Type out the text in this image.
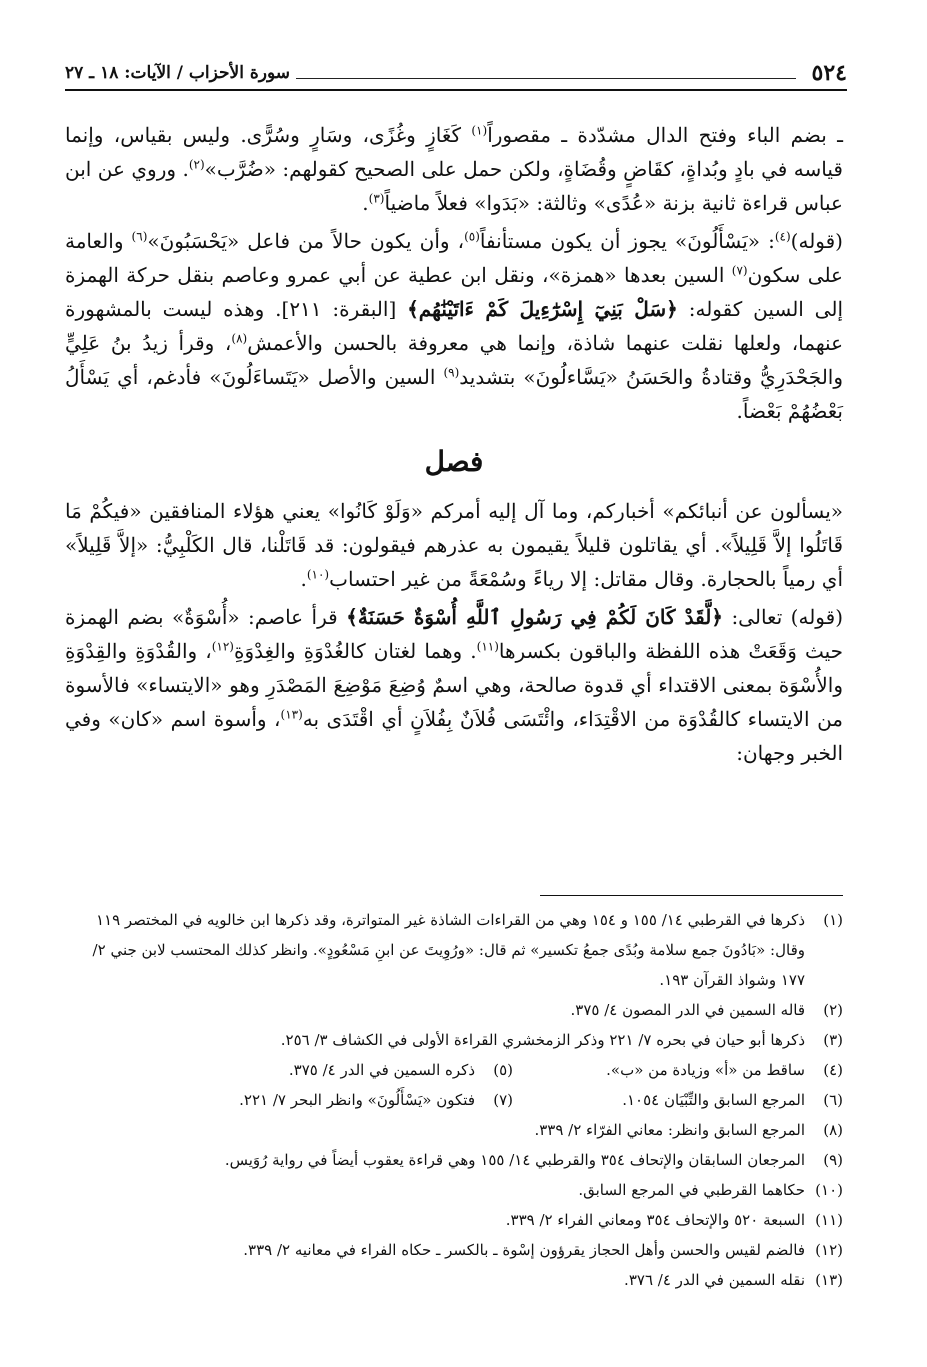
٥٢٤
سورة الأحزاب / الآيات: ١٨ ـ ٢٧

ـ بضم الباء وفتح الدال مشدّدة ـ مقصوراً$^{(١)}$ كَغَازٍ وغُزًى، وسَارٍ وسُرًّى. وليس بقياس، وإنما قياسه في بادٍ وبُداةٍ، كقَاضٍ وقُضَاةٍ، ولكن حمل على الصحيح كقولهم: «ضُرَّب»$^{(٢)}$. وروي عن ابن عباس قراءة ثانية بزنة «عُدًى» وثالثة: «بَدَوا» فعلاً ماضياً$^{(٣)}$.

(قوله)$^{(٤)}$: «يَسْأَلُونَ» يجوز أن يكون مستأنفاً$^{(٥)}$، وأن يكون حالاً من فاعل «يَحْسَبُونَ»$^{(٦)}$ والعامة على سكون$^{(٧)}$ السين بعدها «همزة»، ونقل ابن عطية عن أبي عمرو وعاصم بنقل حركة الهمزة إلى السين كقوله: ﴿سَلْ بَنِيٓ إِسْرَٰٓءِيلَ كَمْ ءَاتَيْنَٰهُم﴾ [البقرة: ٢١١]. وهذه ليست بالمشهورة عنهما، ولعلها نقلت عنهما شاذة، وإنما هي معروفة بالحسن والأعمش$^{(٨)}$، وقرأ زيدُ بنُ عَلِيٍّ والجَحْدَرِيُّ وقتادةُ والحَسَنُ «يَسَّاءلُونَ» بتشديد$^{(٩)}$ السين والأصل «يَتَساءَلُونَ» فأدغم، أي يَسْأَلُ بَعْضُهُمْ بَعْضاً.

فصل

«يسألون عن أنبائكم» أخباركم، وما آل إليه أمركم «وَلَوْ كَانُوا» يعني هؤلاء المنافقين «فيكُمْ مَا قَاتَلُوا إلاَّ قَلِيلاً». أي يقاتلون قليلاً يقيمون به عذرهم فيقولون: قد قَاتَلْنا، قال الكَلْبِيُّ: «إلاَّ قَلِيلاً» أي رمياً بالحجارة. وقال مقاتل: إلا رياءً وسُمْعَةً من غير احتساب$^{(١٠)}$.

(قوله) تعالى: ﴿لَّقَدْ كَانَ لَكُمْ فِي رَسُولِ ٱللَّهِ أُسْوَةٌ حَسَنَةٌ﴾ قرأ عاصم: «أُسْوَةٌ» بضم الهمزة حيث وَقَعَتْ هذه اللفظة والباقون بكسرها$^{(١١)}$. وهما لغتان كالغُدْوَةِ والغِدْوَةِ$^{(١٢)}$، والقُدْوَةِ والقِدْوَةِ والأُسْوَة بمعنى الاقتداء أي قدوة صالحة، وهي اسمٌ وُضِعَ مَوْضِعَ المَصْدَرِ وهو «الايتساء» فالأسوة من الايتساء كالقُدْوَة من الاقْتِدَاء، وائْتَسَى فُلاَنٌ بِفُلاَنٍ أي اقْتَدَى به$^{(١٣)}$، وأسوة اسم «كان» وفي الخبر وجهان:

(١)
ذكرها في القرطبي ١٤/ ١٥٥ و ١٥٤ وهي من القراءات الشاذة غير المتواترة، وقد ذكرها ابن خالويه في المختصر ١١٩ وقال: «بَادُونَ جمع سلامة وبُدًى جمعُ تكسير» ثم قال: «ورُوِيتَ عن ابنِ مَسْعُودٍ». وانظر كذلك المحتسب لابن جني ٢/ ١٧٧ وشواذ القرآن ١٩٣.
(٢)
قاله السمين في الدر المصون ٤/ ٣٧٥.
(٣)
ذكرها أبو حيان في بحره ٧/ ٢٢١ وذكر الزمخشري القراءة الأولى في الكشاف ٣/ ٢٥٦.
(٤)
ساقط من «أ» وزيادة من «ب».
(٥)
ذكره السمين في الدر ٤/ ٣٧٥.
(٦)
المرجع السابق والتِّبْيَان ١٠٥٤.
(٧)
فتكون «يَسْأَلُونَ» وانظر البحر ٧/ ٢٢١.
(٨)
المرجع السابق وانظر: معاني الفرّاء ٢/ ٣٣٩.
(٩)
المرجعان السابقان والإتحاف ٣٥٤ والقرطبي ١٤/ ١٥٥ وهي قراءة يعقوب أيضاً في رواية رُوَيس.
(١٠)
حكاهما القرطبي في المرجع السابق.
(١١)
السبعة ٥٢٠ والإتحاف ٣٥٤ ومعاني الفراء ٢/ ٣٣٩.
(١٢)
فالضم لقيس والحسن وأهل الحجاز يقرؤون إسْوة ـ بالكسر ـ حكاه الفراء في معانيه ٢/ ٣٣٩.
(١٣)
نقله السمين في الدر ٤/ ٣٧٦.
